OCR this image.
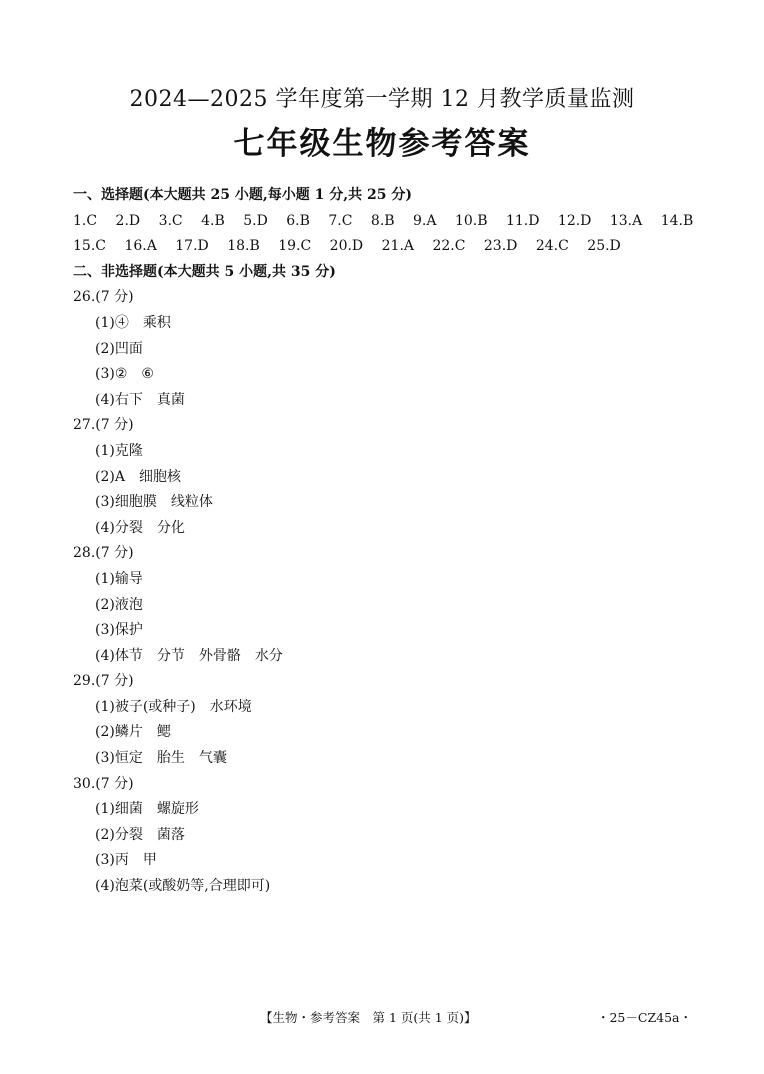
2024—2025 学年度第一学期 12 月教学质量监测
七年级生物参考答案
一、选择题(本大题共 25 小题,每小题 1 分,共 25 分)
1.C 2.D 3.C 4.B 5.D 6.B 7.C 8.B 9.A 10.B 11.D 12.D 13.A 14.B
15.C 16.A 17.D 18.B 19.C 20.D 21.A 22.C 23.D 24.C 25.D
二、非选择题(本大题共 5 小题,共 35 分)
26.(7 分)
(1)④　乘积
(2)凹面
(3)②　⑥
(4)右下　真菌
27.(7 分)
(1)克隆
(2)A　细胞核
(3)细胞膜　线粒体
(4)分裂　分化
28.(7 分)
(1)输导
(2)液泡
(3)保护
(4)体节　分节　外骨骼　水分
29.(7 分)
(1)被子(或种子)　水环境
(2)鳞片　鳃
(3)恒定　胎生　气囊
30.(7 分)
(1)细菌　螺旋形
(2)分裂　菌落
(3)丙　甲
(4)泡菜(或酸奶等,合理即可)
【生物・参考答案　第 1 页(共 1 页)】	・25－CZ45a・
